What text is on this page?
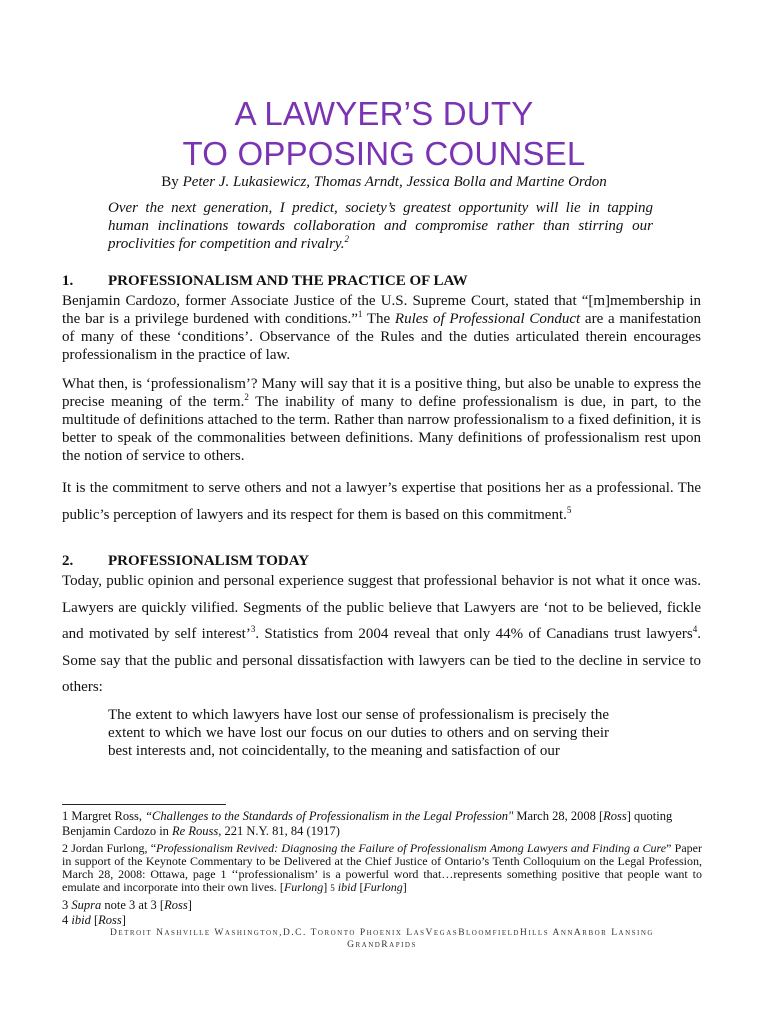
A LAWYER’S DUTY
TO OPPOSING COUNSEL
By Peter J. Lukasiewicz, Thomas Arndt, Jessica Bolla and Martine Ordon
Over the next generation, I predict, society’s greatest opportunity will lie in tapping human inclinations towards collaboration and compromise rather than stirring our proclivities for competition and rivalry.$^2$
1. PROFESSIONALISM AND THE PRACTICE OF LAW
Benjamin Cardozo, former Associate Justice of the U.S. Supreme Court, stated that “[m]membership in the bar is a privilege burdened with conditions.”$^1$ The Rules of Professional Conduct are a manifestation of many of these ‘conditions’. Observance of the Rules and the duties articulated therein encourages professionalism in the practice of law.
What then, is ‘professionalism’? Many will say that it is a positive thing, but also be unable to express the precise meaning of the term.$^2$ The inability of many to define professionalism is due, in part, to the multitude of definitions attached to the term. Rather than narrow professionalism to a fixed definition, it is better to speak of the commonalities between definitions. Many definitions of professionalism rest upon the notion of service to others.
It is the commitment to serve others and not a lawyer’s expertise that positions her as a professional. The public’s perception of lawyers and its respect for them is based on this commitment.$^5$
2. PROFESSIONALISM TODAY
Today, public opinion and personal experience suggest that professional behavior is not what it once was. Lawyers are quickly vilified. Segments of the public believe that Lawyers are ‘not to be believed, fickle and motivated by self interest’$^3$. Statistics from 2004 reveal that only 44% of Canadians trust lawyers$^4$. Some say that the public and personal dissatisfaction with lawyers can be tied to the decline in service to others:
The extent to which lawyers have lost our sense of professionalism is precisely the extent to which we have lost our focus on our duties to others and on serving their best interests and, not coincidentally, to the meaning and satisfaction of our
1 Margret Ross, “Challenges to the Standards of Professionalism in the Legal Profession" March 28, 2008 [Ross] quoting Benjamin Cardozo in Re Rouss, 221 N.Y. 81, 84 (1917)
2 Jordan Furlong, “Professionalism Revived: Diagnosing the Failure of Professionalism Among Lawyers and Finding a Cure” Paper in support of the Keynote Commentary to be Delivered at the Chief Justice of Ontario’s Tenth Colloquium on the Legal Profession, March 28, 2008: Ottawa, page 1 ‘‘professionalism’ is a powerful word that…represents something positive that people want to emulate and incorporate into their own lives. [Furlong] 5 ibid [Furlong]
3 Supra note 3 at 3 [Ross]
4 ibid [Ross]
Detroit Nashville Washington,D.C. Toronto Phoenix LasVegasBloomfieldHills AnnArbor Lansing
GrandRapids
